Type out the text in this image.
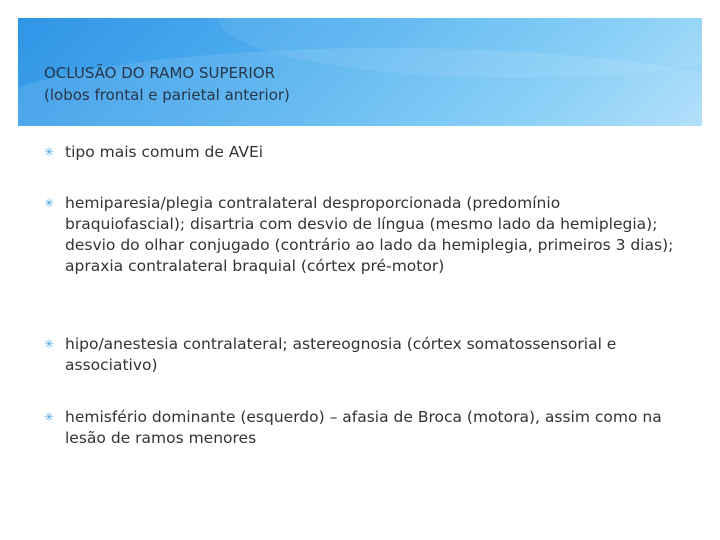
OCLUSÃO DO RAMO SUPERIOR
(lobos frontal e parietal anterior)
✳ tipo mais comum de AVEi
✳ hemiparesia/plegia contralateral desproporcionada (predomínio braquiofascial); disartria com desvio de língua (mesmo lado da hemiplegia); desvio do olhar conjugado (contrário ao lado da hemiplegia, primeiros 3 dias); apraxia contralateral braquial (córtex pré-motor)
✳ hipo/anestesia contralateral; astereognosia (córtex somatossensorial e associativo)
✳ hemisfério dominante (esquerdo) – afasia de Broca (motora), assim como na lesão de ramos menores
